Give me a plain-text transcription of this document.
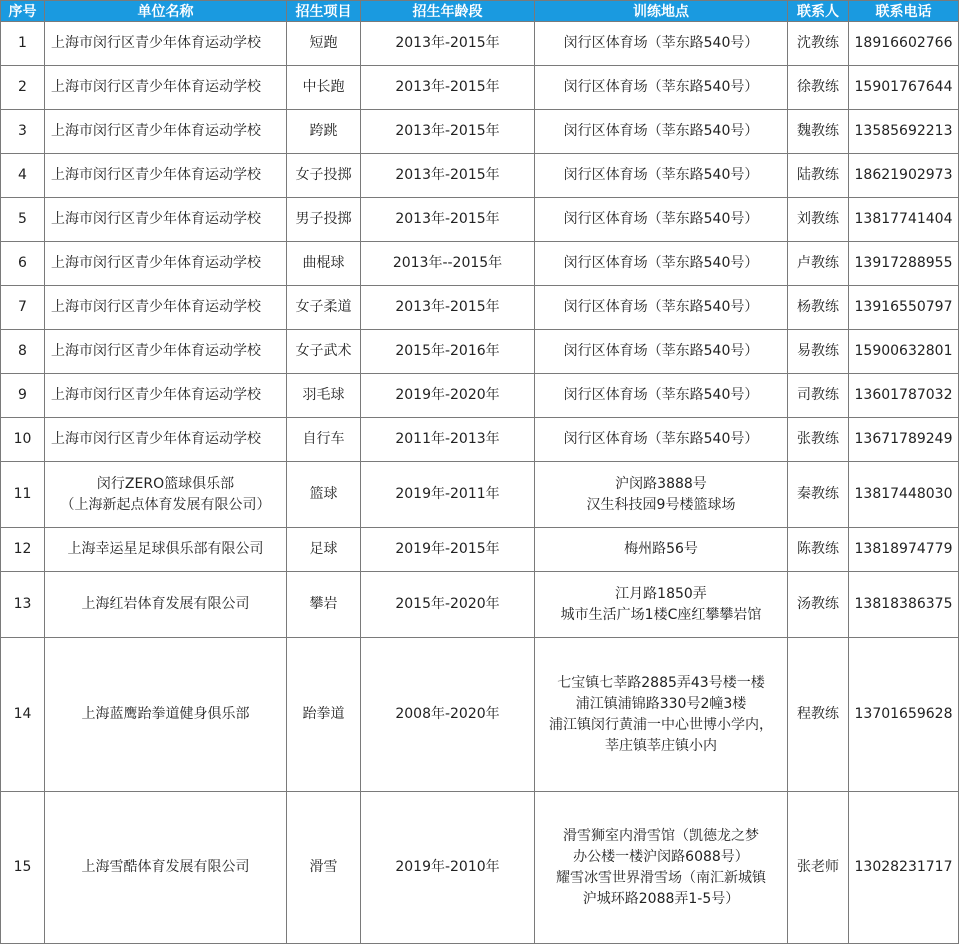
序号	单位名称	招生项目	招生年龄段	训练地点	联系人	联系电话
1	上海市闵行区青少年体育运动学校	短跑	2013年-2015年	闵行区体育场（莘东路540号）	沈教练	18916602766
2	上海市闵行区青少年体育运动学校	中长跑	2013年-2015年	闵行区体育场（莘东路540号）	徐教练	15901767644
3	上海市闵行区青少年体育运动学校	跨跳	2013年-2015年	闵行区体育场（莘东路540号）	魏教练	13585692213
4	上海市闵行区青少年体育运动学校	女子投掷	2013年-2015年	闵行区体育场（莘东路540号）	陆教练	18621902973
5	上海市闵行区青少年体育运动学校	男子投掷	2013年-2015年	闵行区体育场（莘东路540号）	刘教练	13817741404
6	上海市闵行区青少年体育运动学校	曲棍球	2013年--2015年	闵行区体育场（莘东路540号）	卢教练	13917288955
7	上海市闵行区青少年体育运动学校	女子柔道	2013年-2015年	闵行区体育场（莘东路540号）	杨教练	13916550797
8	上海市闵行区青少年体育运动学校	女子武术	2015年-2016年	闵行区体育场（莘东路540号）	易教练	15900632801
9	上海市闵行区青少年体育运动学校	羽毛球	2019年-2020年	闵行区体育场（莘东路540号）	司教练	13601787032
10	上海市闵行区青少年体育运动学校	自行车	2011年-2013年	闵行区体育场（莘东路540号）	张教练	13671789249
11	闵行ZERO篮球俱乐部
（上海新起点体育发展有限公司）	篮球	2019年-2011年	沪闵路3888号
汉生科技园9号楼篮球场	秦教练	13817448030
12	上海幸运星足球俱乐部有限公司	足球	2019年-2015年	梅州路56号	陈教练	13818974779
13	上海红岩体育发展有限公司	攀岩	2015年-2020年	江月路1850弄
城市生活广场1楼C座红攀攀岩馆	汤教练	13818386375
14	上海蓝鹰跆拳道健身俱乐部	跆拳道	2008年-2020年	七宝镇七莘路2885弄43号楼一楼
浦江镇浦锦路330号2幢3楼
浦江镇闵行黄浦一中心世博小学内，
莘庄镇莘庄镇小内	程教练	13701659628
15	上海雪酷体育发展有限公司	滑雪	2019年-2010年	滑雪狮室内滑雪馆（凯德龙之梦
办公楼一楼沪闵路6088号）
耀雪冰雪世界滑雪场（南汇新城镇
沪城环路2088弄1-5号）	张老师	13028231717
